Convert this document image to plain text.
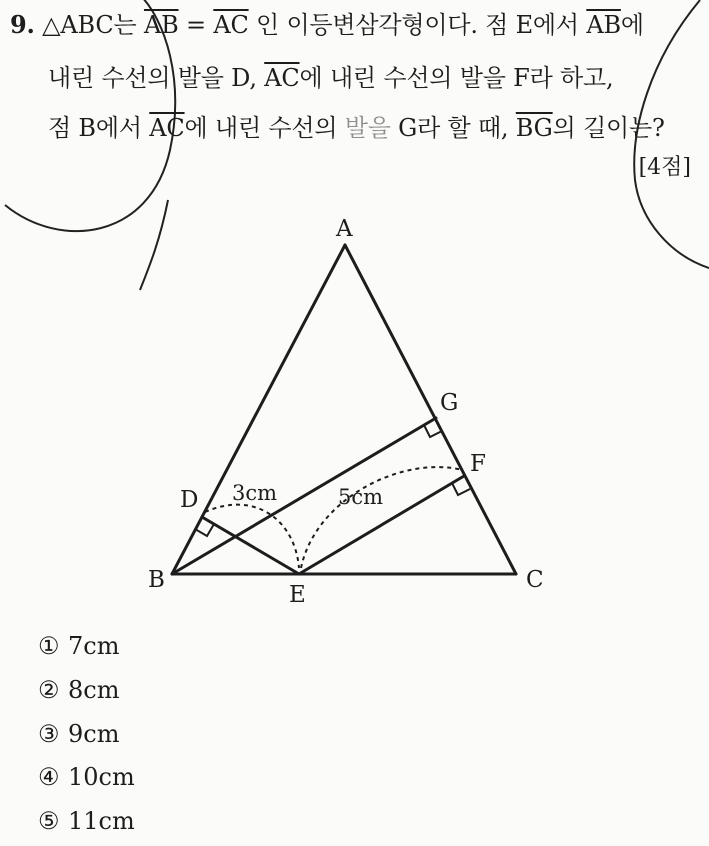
9. △ABC는 $\overline{AB} = \overline{AC}$ 인 이등변삼각형이다. 점 E에서 $\overline{AB}$에
내린 수선의 발을 D, $\overline{AC}$에 내린 수선의 발을 F라 하고,
점 B에서 $\overline{AC}$에 내린 수선의 발을 G라 할 때, $\overline{BG}$의 길이는?
[4점]
A
B	C
D
E
F
G
3cm	5cm
① 7cm
② 8cm
③ 9cm
④ 10cm
⑤ 11cm
